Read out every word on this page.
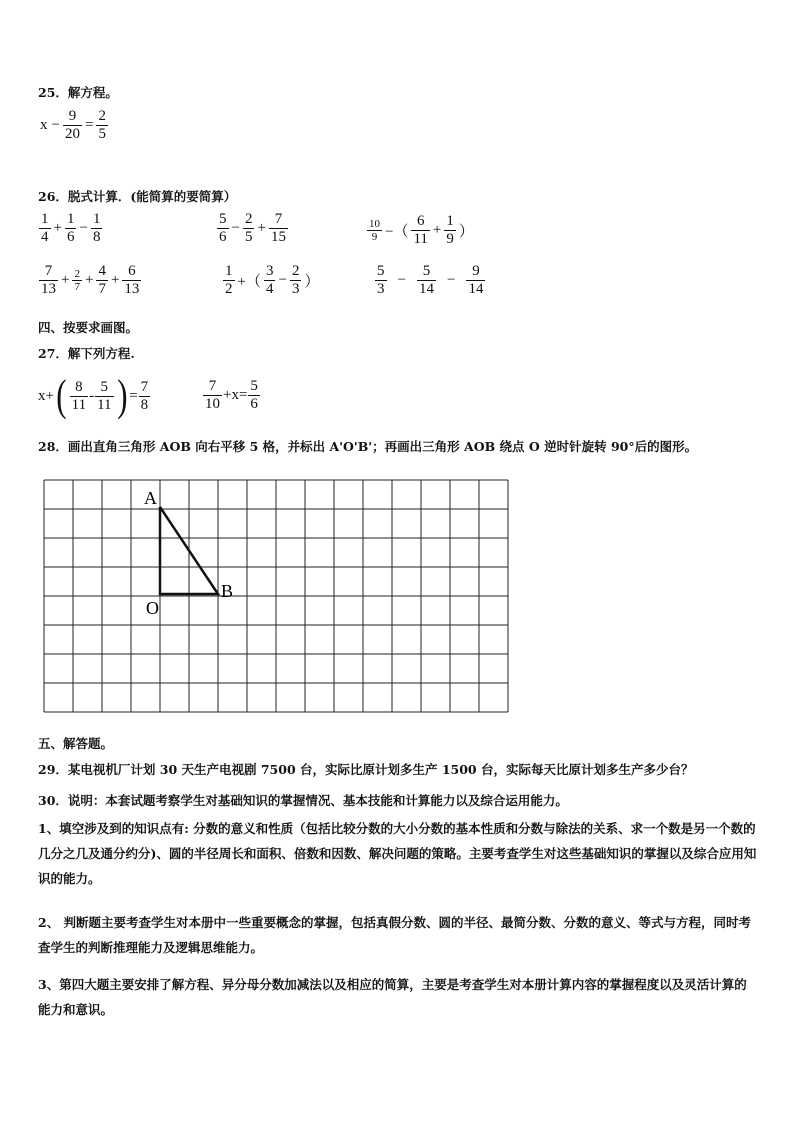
25．解方程。
$x - \frac{9}{20} = \frac{2}{5}$
26．脱式计算．(能简算的要简算）
$\frac{1}{4} + \frac{1}{6} - \frac{1}{8}$	$\frac{5}{6} - \frac{2}{5} + \frac{7}{15}$	$\frac{10}{9}$ −（ $\frac{6}{11} + \frac{1}{9}$ ）
$\frac{7}{13} + \frac{2}{7} + \frac{4}{7} + \frac{6}{13}$	$\frac{1}{2}$ +（ $\frac{3}{4} - \frac{2}{3}$ ）	$\frac{5}{3} - \frac{5}{14} - \frac{9}{14}$
四、按要求画图。
27．解下列方程.
$x+( \frac{8}{11} - \frac{5}{11}$ ) = $\frac{7}{8}$	$\frac{7}{10} +x= \frac{5}{6}$
28．画出直角三角形 AOB 向右平移 5 格，并标出 A'O'B'；再画出三角形 AOB 绕点 O 逆时针旋转 90°后的图形。
A
O
B
五、解答题。
29．某电视机厂计划 30 天生产电视剧 7500 台，实际比原计划多生产 1500 台，实际每天比原计划多生产多少台？
30．说明：本套试题考察学生对基础知识的掌握情况、基本技能和计算能力以及综合运用能力。
1、填空涉及到的知识点有: 分数的意义和性质（包括比较分数的大小分数的基本性质和分数与除法的关系、求一个数是另一个数的几分之几及通分约分)、圆的半径周长和面积、倍数和因数、解决问题的策略。主要考查学生对这些基础知识的掌握以及综合应用知识的能力。
2、 判断题主要考查学生对本册中一些重要概念的掌握，包括真假分数、圆的半径、最简分数、分数的意义、等式与方程，同时考查学生的判断推理能力及逻辑思维能力。
3、第四大题主要安排了解方程、异分母分数加减法以及相应的简算，主要是考查学生对本册计算内容的掌握程度以及灵活计算的能力和意识。
